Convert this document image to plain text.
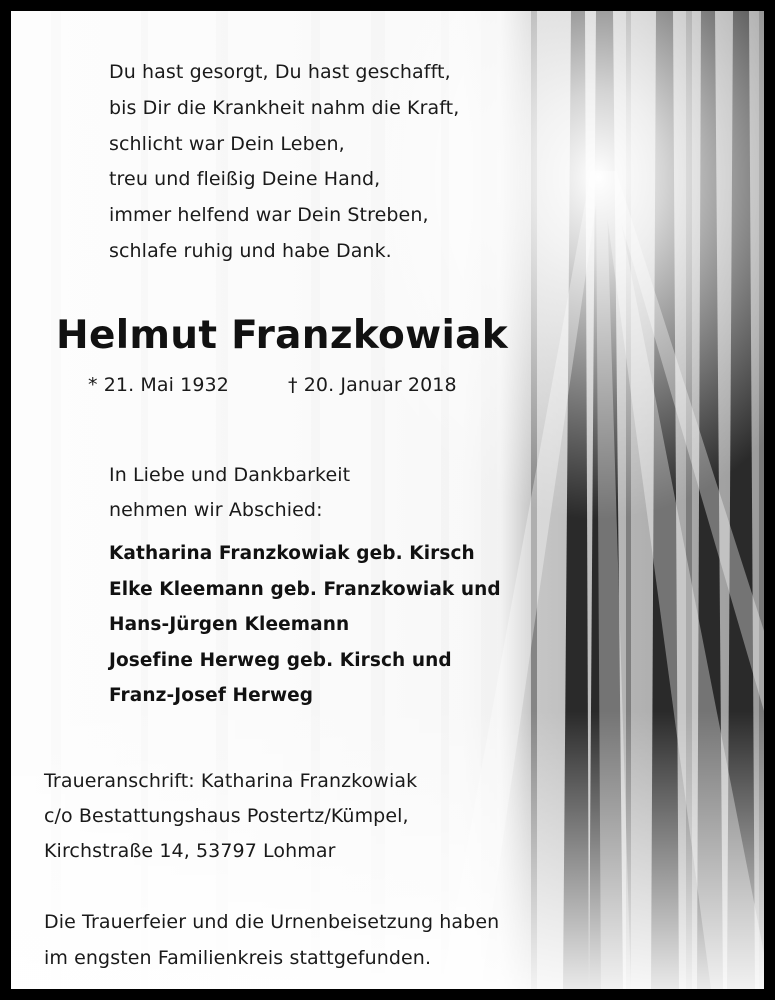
Du hast gesorgt, Du hast geschafft,
bis Dir die Krankheit nahm die Kraft,
schlicht war Dein Leben,
treu und fleißig Deine Hand,
immer helfend war Dein Streben,
schlafe ruhig und habe Dank.
Helmut Franzkowiak
* 21. Mai 1932	† 20. Januar 2018
In Liebe und Dankbarkeit
nehmen wir Abschied:
Katharina Franzkowiak geb. Kirsch
Elke Kleemann geb. Franzkowiak und
Hans-Jürgen Kleemann
Josefine Herweg geb. Kirsch und
Franz-Josef Herweg
Traueranschrift: Katharina Franzkowiak
c/o Bestattungshaus Postertz/Kümpel,
Kirchstraße 14, 53797 Lohmar
Die Trauerfeier und die Urnenbeisetzung haben
im engsten Familienkreis stattgefunden.
